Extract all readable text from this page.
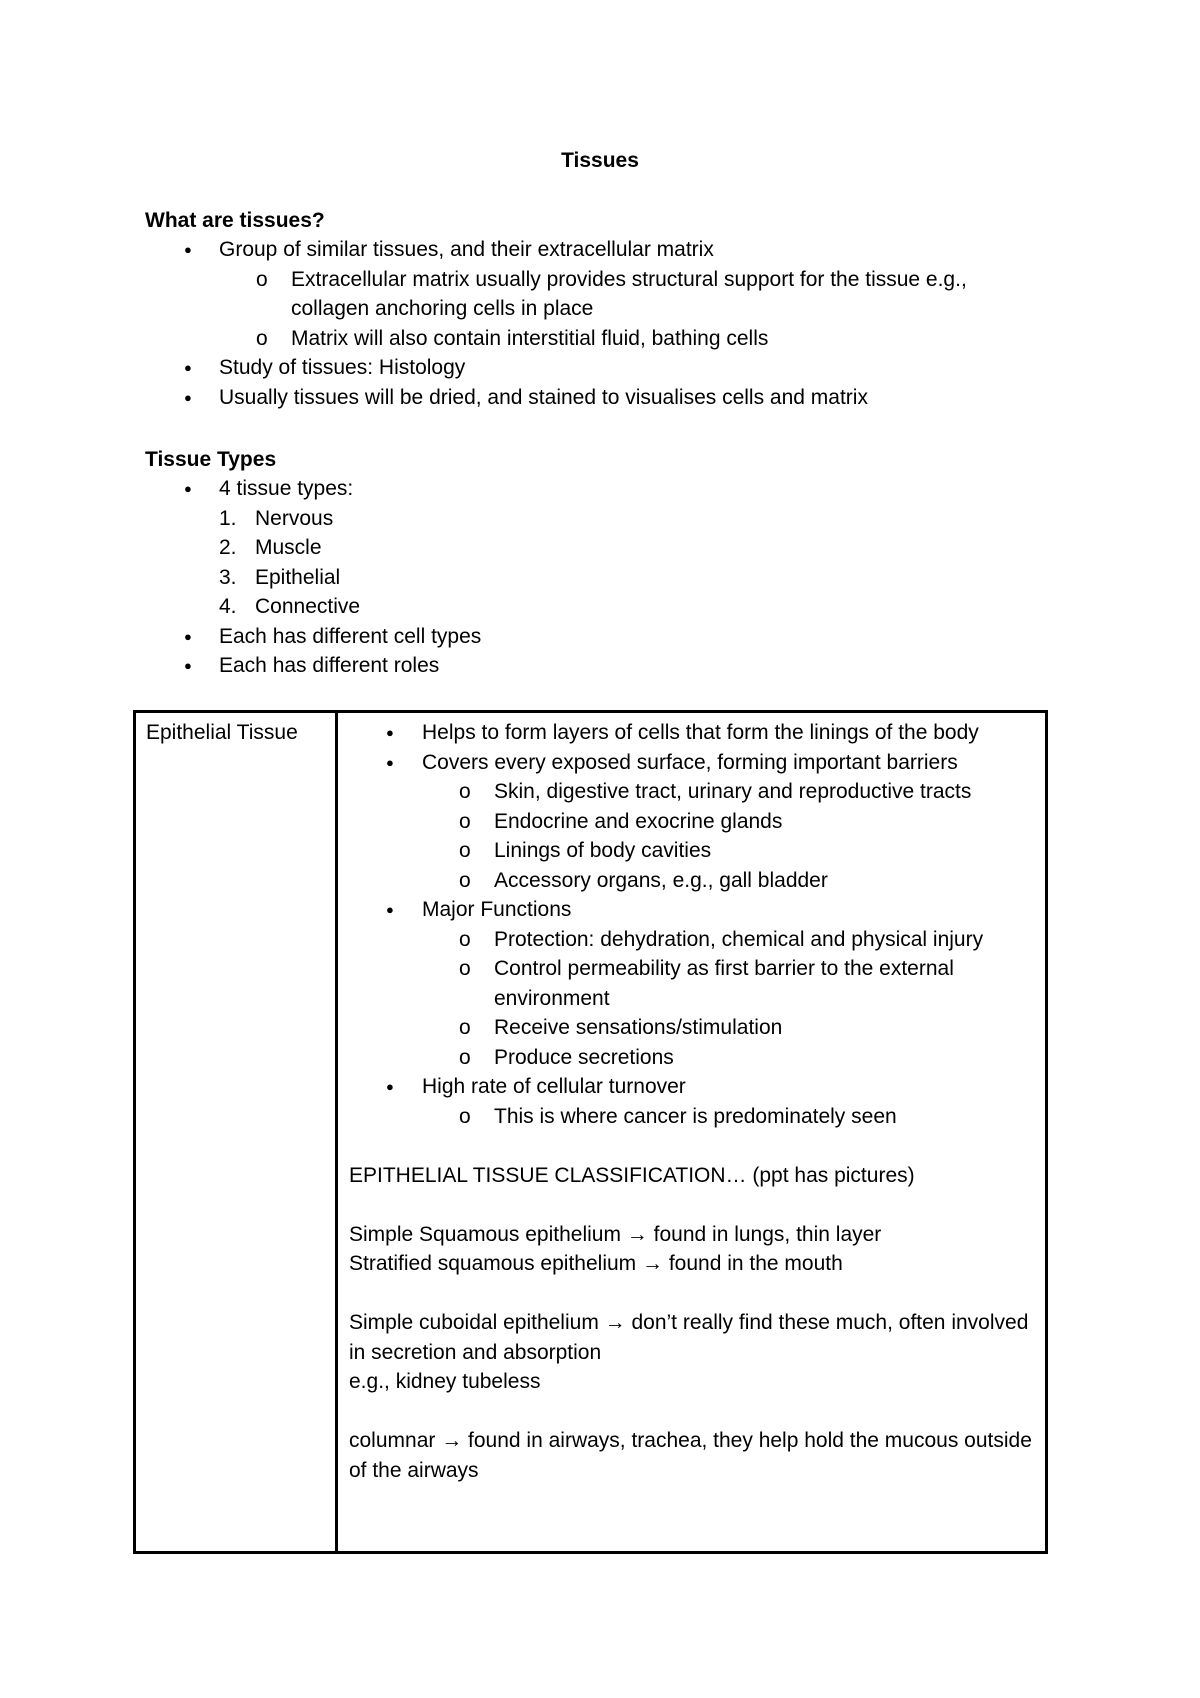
Tissues
What are tissues?
● Group of similar tissues, and their extracellular matrix
o Extracellular matrix usually provides structural support for the tissue e.g., collagen anchoring cells in place
o Matrix will also contain interstitial fluid, bathing cells
● Study of tissues: Histology
● Usually tissues will be dried, and stained to visualises cells and matrix
Tissue Types
● 4 tissue types:
1. Nervous
2. Muscle
3. Epithelial
4. Connective
● Each has different cell types
● Each has different roles
Epithelial Tissue
●	Helps to form layers of cells that form the linings of the body
● Covers every exposed surface, forming important barriers
o Skin, digestive tract, urinary and reproductive tracts
o Endocrine and exocrine glands
o Linings of body cavities
o Accessory organs, e.g., gall bladder
● Major Functions
o Protection: dehydration, chemical and physical injury
o Control permeability as first barrier to the external environment
o Receive sensations/stimulation
o Produce secretions
● High rate of cellular turnover
o This is where cancer is predominately seen

EPITHELIAL TISSUE CLASSIFICATION… (ppt has pictures)

Simple Squamous epithelium → found in lungs, thin layer

Stratified squamous epithelium → found in the mouth

Simple cuboidal epithelium → don’t really find these much, often involved in secretion and absorption

e.g., kidney tubeless

columnar → found in airways, trachea, they help hold the mucous outside of the airways
